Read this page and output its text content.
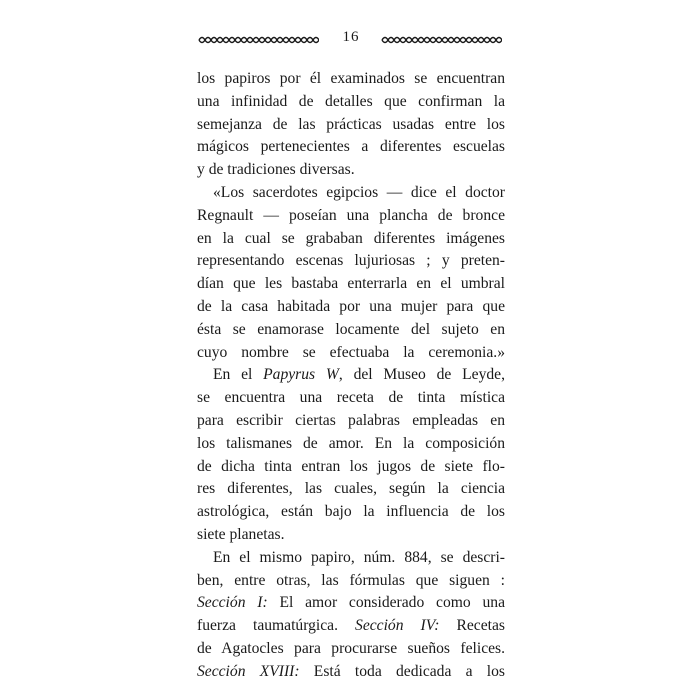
16
los papiros por él examinados se encuentran
una infinidad de detalles que confirman la
semejanza de las prácticas usadas entre los
mágicos pertenecientes a diferentes escuelas
y de tradiciones diversas.
«Los sacerdotes egipcios — dice el doctor
Regnault — poseían una plancha de bronce
en la cual se grababan diferentes imágenes
representando escenas lujuriosas ; y preten-
dían que les bastaba enterrarla en el umbral
de la casa habitada por una mujer para que
ésta se enamorase locamente del sujeto en
cuyo nombre se efectuaba la ceremonia.»
En el Papyrus W, del Museo de Leyde,
se encuentra una receta de tinta mística
para escribir ciertas palabras empleadas en
los talismanes de amor. En la composición
de dicha tinta entran los jugos de siete flo-
res diferentes, las cuales, según la ciencia
astrológica, están bajo la influencia de los
siete planetas.
En el mismo papiro, núm. 884, se descri-
ben, entre otras, las fórmulas que siguen :
Sección I: El amor considerado como una
fuerza taumatúrgica. Sección IV: Recetas
de Agatocles para procurarse sueños felices.
Sección XVIII: Está toda dedicada a los
